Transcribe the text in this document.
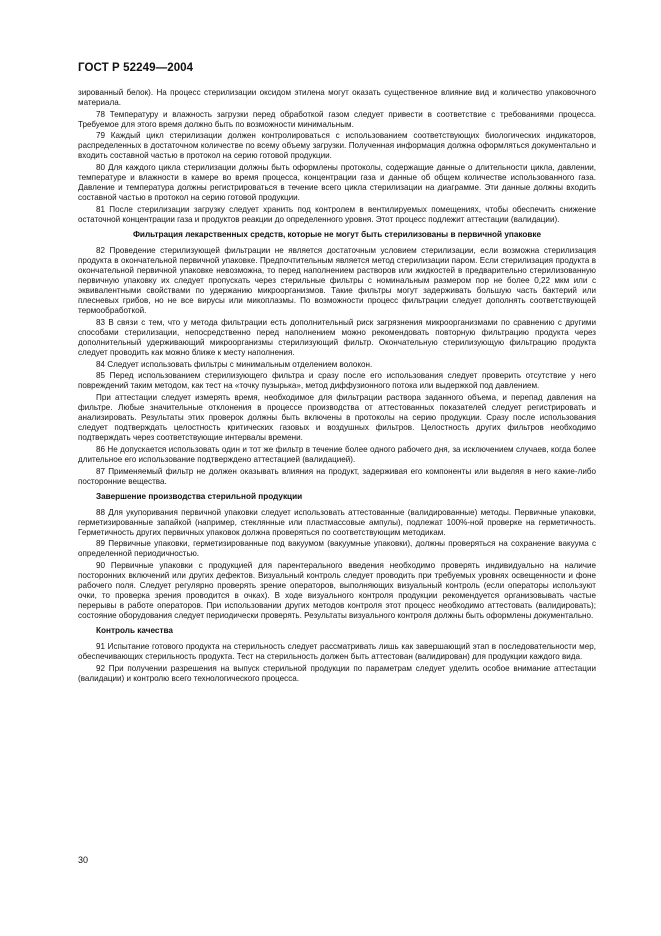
ГОСТ Р 52249—2004

зированный белок). На процесс стерилизации оксидом этилена могут оказать существенное влияние вид и количество упаковочного материала.

78 Температуру и влажность загрузки перед обработкой газом следует привести в соответствие с требованиями процесса. Требуемое для этого время должно быть по возможности минимальным.

79 Каждый цикл стерилизации должен контролироваться с использованием соответствующих биологических индикаторов, распределенных в достаточном количестве по всему объему загрузки. Полученная информация должна оформляться документально и входить составной частью в протокол на серию готовой продукции.

80 Для каждого цикла стерилизации должны быть оформлены протоколы, содержащие данные о длительности цикла, давлении, температуре и влажности в камере во время процесса, концентрации газа и данные об общем количестве использованного газа. Давление и температура должны регистрироваться в течение всего цикла стерилизации на диаграмме. Эти данные должны входить составной частью в протокол на серию готовой продукции.

81 После стерилизации загрузку следует хранить под контролем в вентилируемых помещениях, чтобы обеспечить снижение остаточной концентрации газа и продуктов реакции до определенного уровня. Этот процесс подлежит аттестации (валидации).

Фильтрация лекарственных средств, которые не могут быть стерилизованы в первичной упаковке

82 Проведение стерилизующей фильтрации не является достаточным условием стерилизации, если возможна стерилизация продукта в окончательной первичной упаковке. Предпочтительным является метод стерилизации паром. Если стерилизация продукта в окончательной первичной упаковке невозможна, то перед наполнением растворов или жидкостей в предварительно стерилизованную первичную упаковку их следует пропускать через стерильные фильтры с номинальным размером пор не более 0,22 мкм или с эквивалентными свойствами по удержанию микроорганизмов. Такие фильтры могут задерживать большую часть бактерий или плесневых грибов, но не все вирусы или микоплазмы. По возможности процесс фильтрации следует дополнять соответствующей термообработкой.

83 В связи с тем, что у метода фильтрации есть дополнительный риск загрязнения микроорганизмами по сравнению с другими способами стерилизации, непосредственно перед наполнением можно рекомендовать повторную фильтрацию продукта через дополнительный удерживающий микроорганизмы стерилизующий фильтр. Окончательную стерилизующую фильтрацию продукта следует проводить как можно ближе к месту наполнения.

84 Следует использовать фильтры с минимальным отделением волокон.

85 Перед использованием стерилизующего фильтра и сразу после его использования следует проверить отсутствие у него повреждений таким методом, как тест на «точку пузырька», метод диффузионного потока или выдержкой под давлением.

При аттестации следует измерять время, необходимое для фильтрации раствора заданного объема, и перепад давления на фильтре. Любые значительные отклонения в процессе производства от аттестованных показателей следует регистрировать и анализировать. Результаты этих проверок должны быть включены в протоколы на серию продукции. Сразу после использования следует подтверждать целостность критических газовых и воздушных фильтров. Целостность других фильтров необходимо подтверждать через соответствующие интервалы времени.

86 Не допускается использовать один и тот же фильтр в течение более одного рабочего дня, за исключением случаев, когда более длительное его использование подтверждено аттестацией (валидацией).

87 Применяемый фильтр не должен оказывать влияния на продукт, задерживая его компоненты или выделяя в него какие-либо посторонние вещества.

Завершение производства стерильной продукции

88 Для укупоривания первичной упаковки следует использовать аттестованные (валидированные) методы. Первичные упаковки, герметизированные запайкой (например, стеклянные или пластмассовые ампулы), подлежат 100%-ной проверке на герметичность. Герметичность других первичных упаковок должна проверяться по соответствующим методикам.

89 Первичные упаковки, герметизированные под вакуумом (вакуумные упаковки), должны проверяться на сохранение вакуума с определенной периодичностью.

90 Первичные упаковки с продукцией для парентерального введения необходимо проверять индивидуально на наличие посторонних включений или других дефектов. Визуальный контроль следует проводить при требуемых уровнях освещенности и фоне рабочего поля. Следует регулярно проверять зрение операторов, выполняющих визуальный контроль (если операторы используют очки, то проверка зрения проводится в очках). В ходе визуального контроля продукции рекомендуется организовывать частые перерывы в работе операторов. При использовании других методов контроля этот процесс необходимо аттестовать (валидировать); состояние оборудования следует периодически проверять. Результаты визуального контроля должны быть оформлены документально.

Контроль качества

91 Испытание готового продукта на стерильность следует рассматривать лишь как завершающий этап в последовательности мер, обеспечивающих стерильность продукта. Тест на стерильность должен быть аттестован (валидирован) для продукции каждого вида.

92 При получении разрешения на выпуск стерильной продукции по параметрам следует уделить особое внимание аттестации (валидации) и контролю всего технологического процесса.

30
